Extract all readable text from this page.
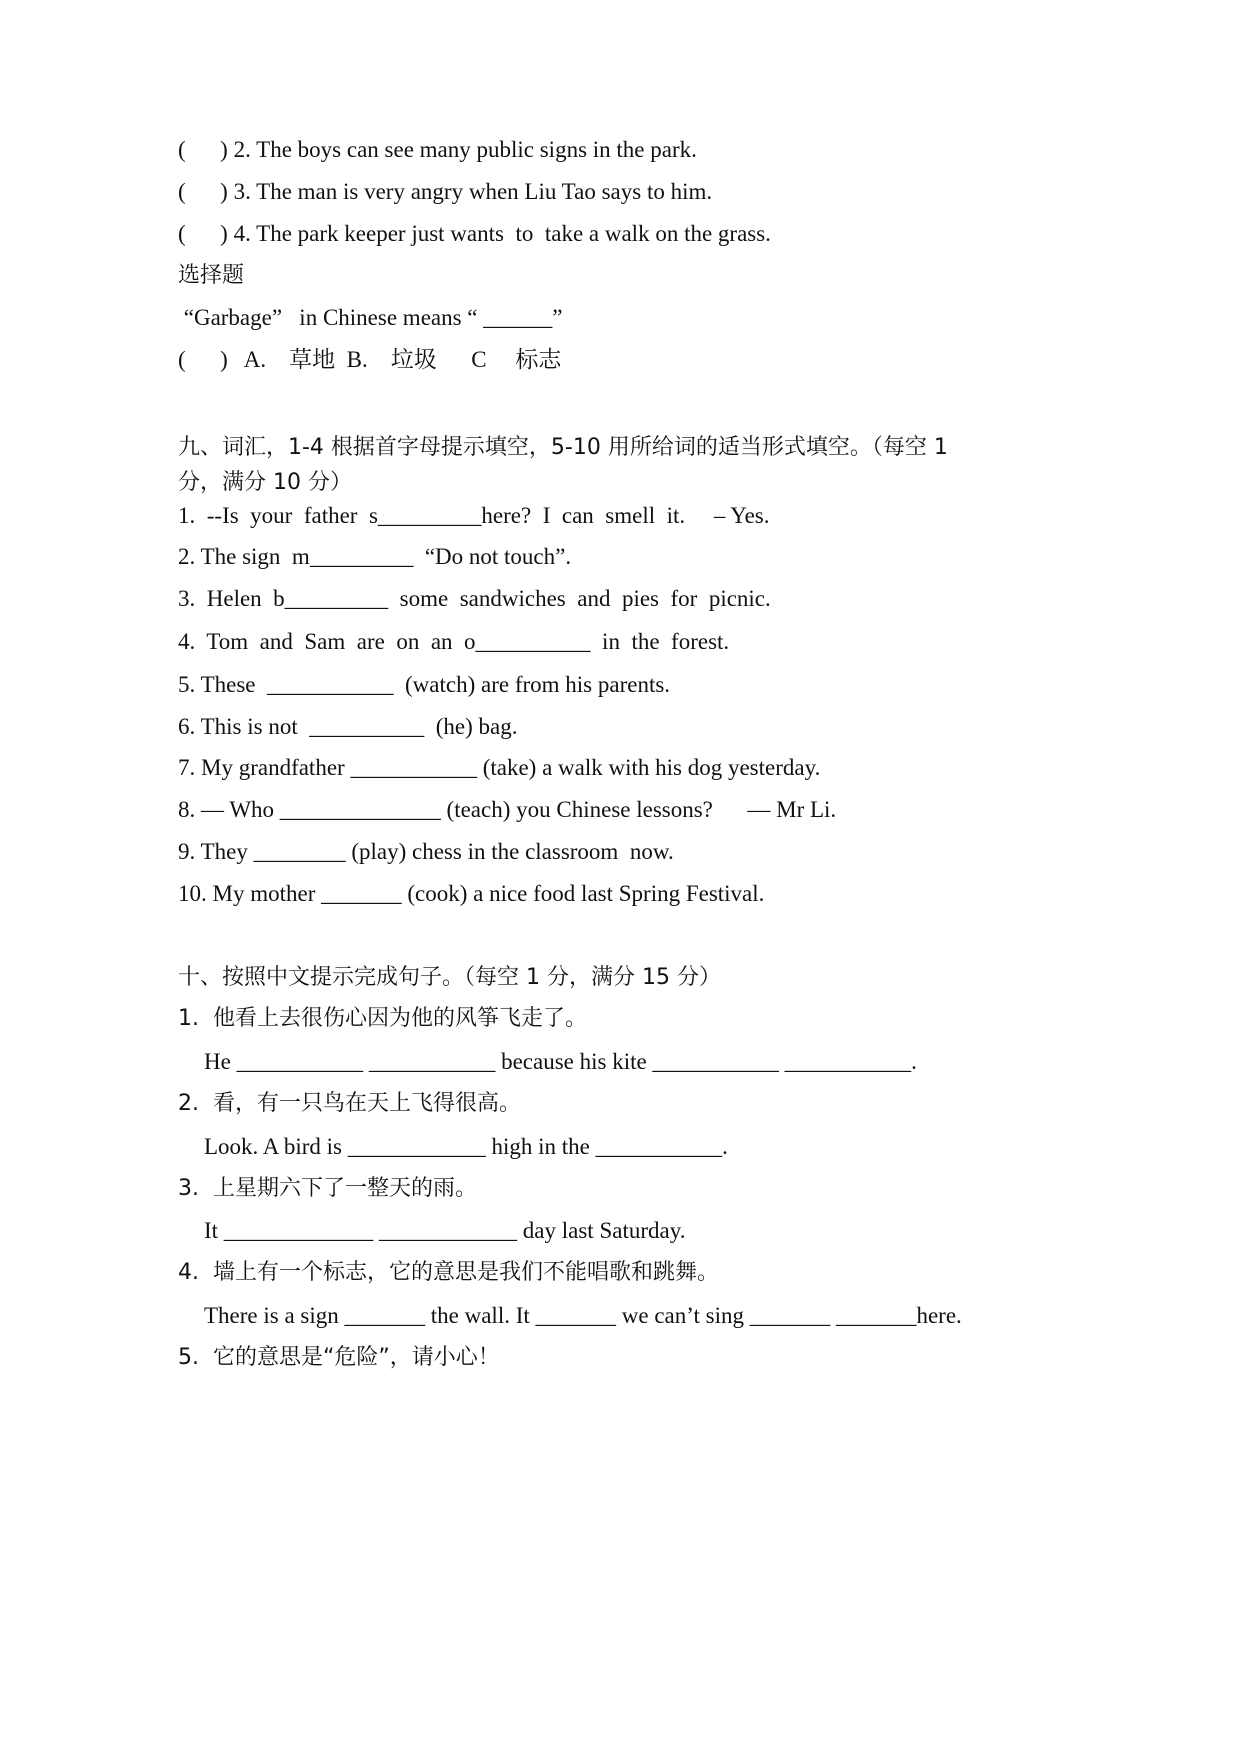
(      ) 2. The boys can see many public signs in the park.
(      ) 3. The man is very angry when Liu Tao says to him.
(      ) 4. The park keeper just wants  to  take a walk on the grass.
选择题
“Garbage”   in Chinese means “ ______”
(      )   A.    草地  B.    垃圾      C     标志
九、词汇，1-4 根据首字母提示填空，5-10 用所给词的适当形式填空。（每空 1
分，满分 10 分）
1.  --Is  your  father  s_________here?  I  can  smell  it.     – Yes.
2. The sign  m_________  “Do not touch”.
3.  Helen  b_________  some  sandwiches  and  pies  for  picnic.
4.  Tom  and  Sam  are  on  an  o__________  in  the  forest.
5. These  ___________  (watch) are from his parents.
6. This is not  __________  (he) bag.
7. My grandfather ___________ (take) a walk with his dog yesterday.
8. — Who ______________ (teach) you Chinese lessons?      — Mr Li.
9. They ________ (play) chess in the classroom  now.
10. My mother _______ (cook) a nice food last Spring Festival.
十、按照中文提示完成句子。（每空 1 分，满分 15 分）
1.  他看上去很伤心因为他的风筝飞走了。
He ___________ ___________ because his kite ___________ ___________.
2.  看，有一只鸟在天上飞得很高。
Look. A bird is ____________ high in the ___________.
3.  上星期六下了一整天的雨。
It _____________ ____________ day last Saturday.
4.  墙上有一个标志，它的意思是我们不能唱歌和跳舞。
There is a sign _______ the wall. It _______ we can’t sing _______ _______here.
5.  它的意思是“危险”，请小心！
